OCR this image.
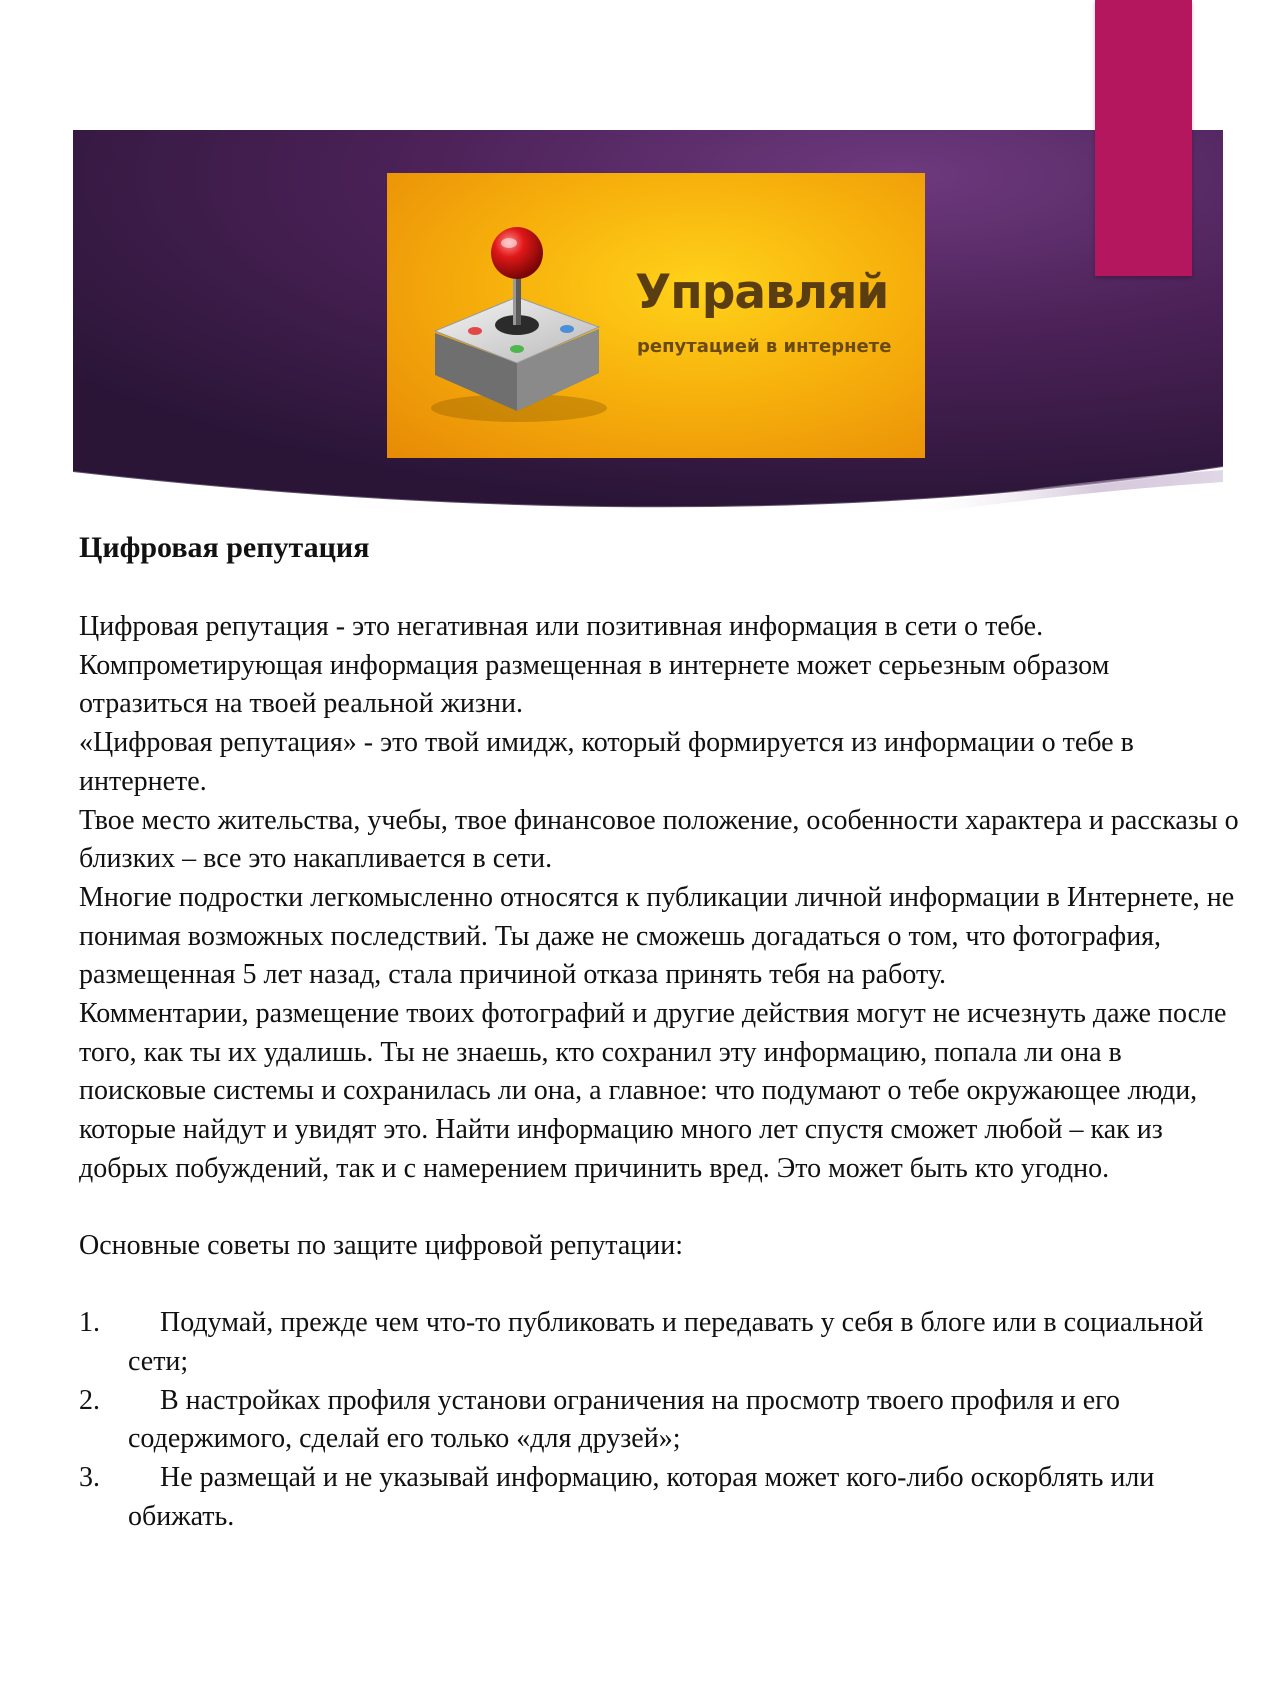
Управляй
репутацией в интернете
Цифровая репутация

Цифровая репутация - это негативная или позитивная информация в сети о тебе.

Компрометирующая информация размещенная в интернете может серьезным образом отразиться на твоей реальной жизни.

«Цифровая репутация» - это твой имидж, который формируется из информации о тебе в интернете.

Твое место жительства, учебы, твое финансовое положение, особенности характера и рассказы о близких – все это накапливается в сети.

Многие подростки легкомысленно относятся к публикации личной информации в Интернете, не понимая возможных последствий. Ты даже не сможешь догадаться о том, что фотография, размещенная 5 лет назад, стала причиной отказа принять тебя на работу.

Комментарии, размещение твоих фотографий и другие действия могут не исчезнуть даже после того, как ты их удалишь. Ты не знаешь, кто сохранил эту информацию, попала ли она в поисковые системы и сохранилась ли она, а главное: что подумают о тебе окружающее люди, которые найдут и увидят это. Найти информацию много лет спустя сможет любой – как из добрых побуждений, так и с намерением причинить вред. Это может быть кто угодно.

Основные советы по защите цифровой репутации:

1. Подумай, прежде чем что-то публиковать и передавать у себя в блоге или в социальной сети;
2. В настройках профиля установи ограничения на просмотр твоего профиля и его содержимого, сделай его только «для друзей»;
3. Не размещай и не указывай информацию, которая может кого-либо оскорблять или обижать.
